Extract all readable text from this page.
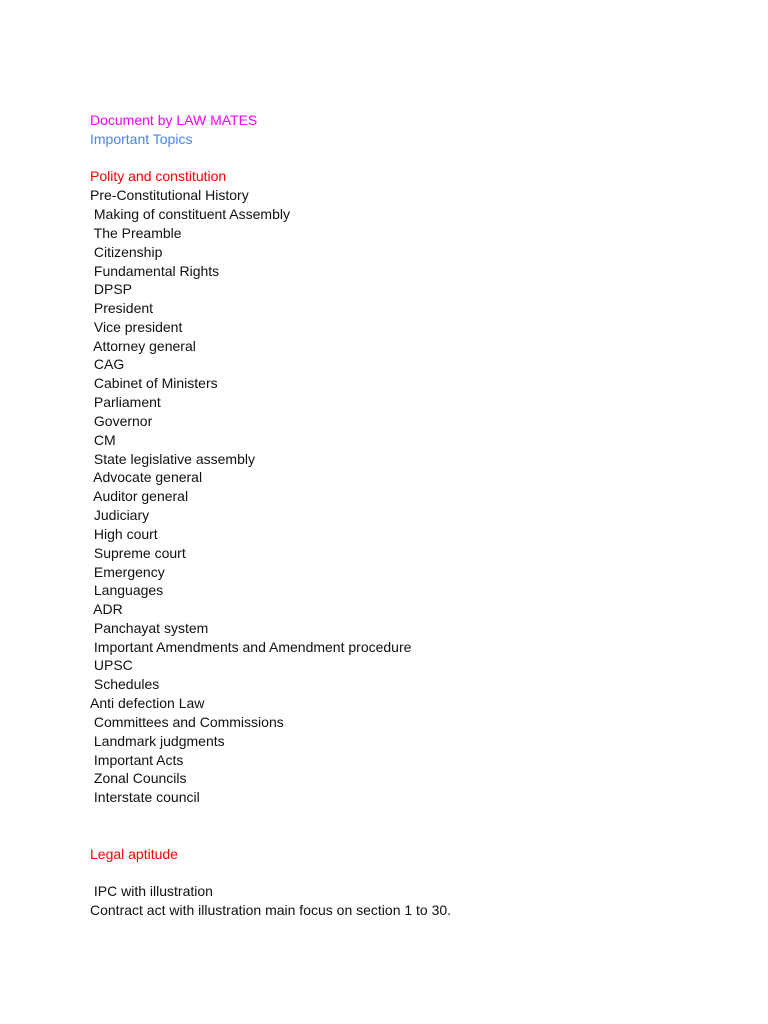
Document by LAW MATES
Important Topics
Polity and constitution
Pre-Constitutional History
Making of constituent Assembly
The Preamble
Citizenship
Fundamental Rights
DPSP
President
Vice president
Attorney general
CAG
Cabinet of Ministers
Parliament
Governor
CM
State legislative assembly
Advocate general
Auditor general
Judiciary
High court
Supreme court
Emergency
Languages
ADR
Panchayat system
Important Amendments and Amendment procedure
UPSC
Schedules
Anti defection Law
Committees and Commissions
Landmark judgments
Important Acts
Zonal Councils
Interstate council
Legal aptitude
IPC with illustration
Contract act with illustration main focus on section 1 to 30.
